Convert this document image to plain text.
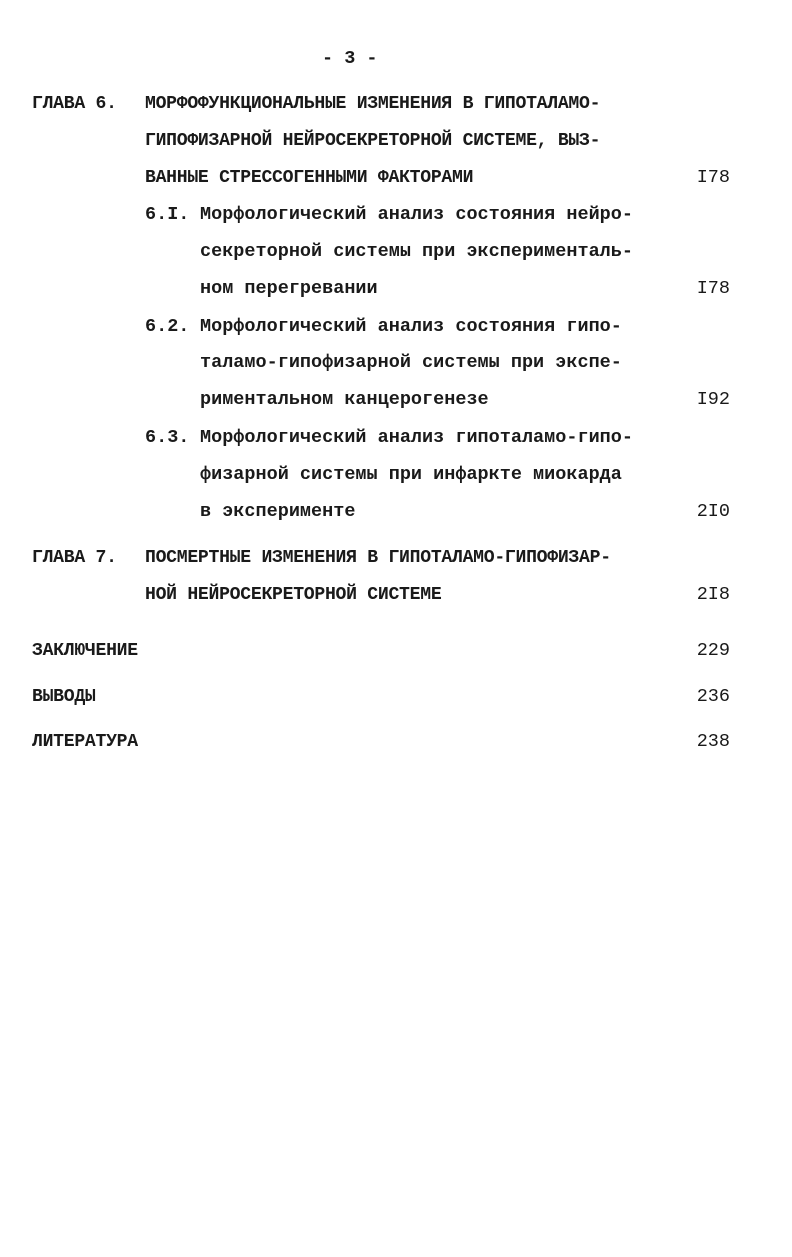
- 3 -
ГЛАВА 6. МОРФОФУНКЦИОНАЛЬНЫЕ ИЗМЕНЕНИЯ В ГИПОТАЛАМО-
ГИПОФИЗАРНОЙ НЕЙРОСЕКРЕТОРНОЙ СИСТЕМЕ, ВЫЗ-
ВАННЫЕ СТРЕССОГЕННЫМИ ФАКТОРАМИ	I78
6.I. Морфологический анализ состояния нейро-
секреторной системы при эксперименталь-
ном перегревании	I78
6.2. Морфологический анализ состояния гипо-
таламо-гипофизарной системы при экспе-
риментальном канцерогенезе	I92
6.3. Морфологический анализ гипоталамо-гипо-
физарной системы при инфаркте миокарда
в эксперименте	2I0
ГЛАВА 7. ПОСМЕРТНЫЕ ИЗМЕНЕНИЯ В ГИПОТАЛАМО-ГИПОФИЗАР-
НОЙ НЕЙРОСЕКРЕТОРНОЙ СИСТЕМЕ	2I8
ЗАКЛЮЧЕНИЕ	229
ВЫВОДЫ	236
ЛИТЕРАТУРА	238
